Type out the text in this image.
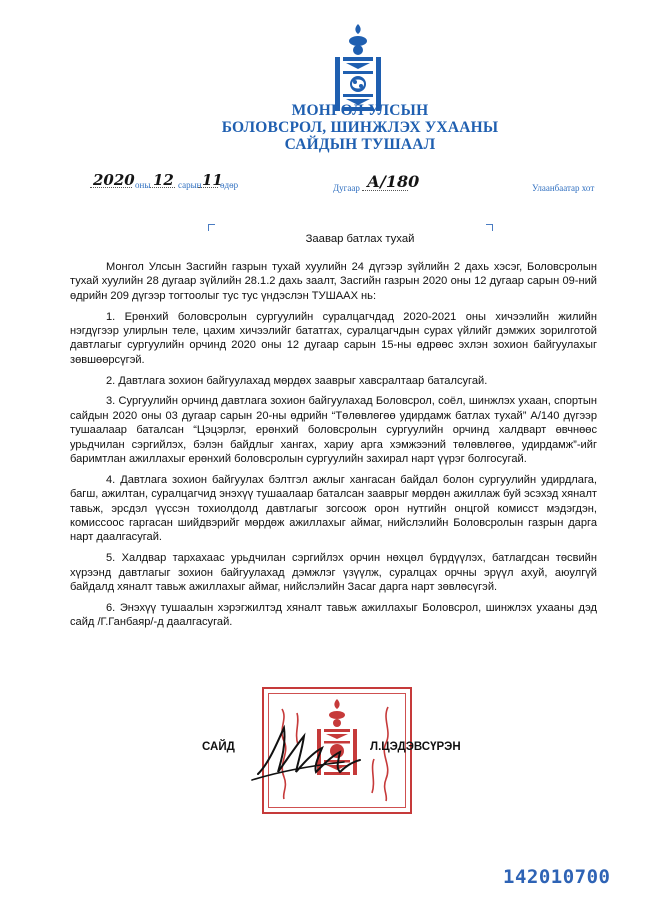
МОНГОЛ УЛСЫН
БОЛОВСРОЛ, ШИНЖЛЭХ УХААНЫ
САЙДЫН ТУШААЛ
2020 оны 12 сарын 11
өдөр	Дугаар А/180	Улаанбаатар хот
Заавар батлах тухай

Монгол Улсын Засгийн газрын тухай хуулийн 24 дүгээр зүйлийн 2 дахь хэсэг, Боловсролын тухай хуулийн 28 дугаар зүйлийн 28.1.2 дахь заалт, Засгийн газрын 2020 оны 12 дугаар сарын 09-ний өдрийн 209 дүгээр тогтоолыг тус тус үндэслэн ТУШААХ нь:

1. Ерөнхий боловсролын сургуулийн суралцагчдад 2020-2021 оны хичээлийн жилийн нэгдүгээр улирлын теле, цахим хичээлийг бататгах, суралцагчдын сурах үйлийг дэмжих зорилготой давтлагыг сургуулийн орчинд 2020 оны 12 дугаар сарын 15-ны өдрөөс эхлэн зохион байгуулахыг зөвшөөрсүгэй.

2. Давтлага зохион байгуулахад мөрдөх зааврыг хавсралтаар баталсугай.

3. Сургуулийн орчинд давтлага зохион байгуулахад Боловсрол, соёл, шинжлэх ухаан, спортын сайдын 2020 оны 03 дугаар сарын 20-ны өдрийн “Төлөвлөгөө удирдамж батлах тухай” А/140 дүгээр тушаалаар баталсан “Цэцэрлэг, ерөнхий боловсролын сургуулийн орчинд халдварт өвчнөөс урьдчилан сэргийлэх, бэлэн байдлыг хангах, хариу арга хэмжээний төлөвлөгөө, удирдамж”-ийг баримтлан ажиллахыг ерөнхий боловсролын сургуулийн захирал нарт үүрэг болгосугай.

4. Давтлага зохион байгуулах бэлтгэл ажлыг хангасан байдал болон сургуулийн удирдлага, багш, ажилтан, суралцагчид энэхүү тушаалаар баталсан зааврыг мөрдөн ажиллаж буй эсэхэд хяналт тавьж, эрсдэл үүссэн тохиолдолд давтлагыг зогсоож орон нутгийн онцгой комисст мэдэгдэн, комиссоос гаргасан шийдвэрийг мөрдөж ажиллахыг аймаг, нийслэлийн Боловсролын газрын дарга нарт даалгасугай.

5. Халдвар тархахаас урьдчилан сэргийлэх орчин нөхцөл бүрдүүлэх, батлагдсан төсвийн хүрээнд давтлагыг зохион байгуулахад дэмжлэг үзүүлж, суралцах орчны эрүүл ахуй, аюулгүй байдалд хяналт тавьж ажиллахыг аймаг, нийслэлийн Засаг дарга нарт зөвлөсүгэй.

6. Энэхүү тушаалын хэрэгжилтэд хяналт тавьж ажиллахыг Боловсрол, шинжлэх ухааны дэд сайд /Г.Ганбаяр/-д даалгасугай.

САЙД	Л.ЦЭДЭВСҮРЭН
142010700
